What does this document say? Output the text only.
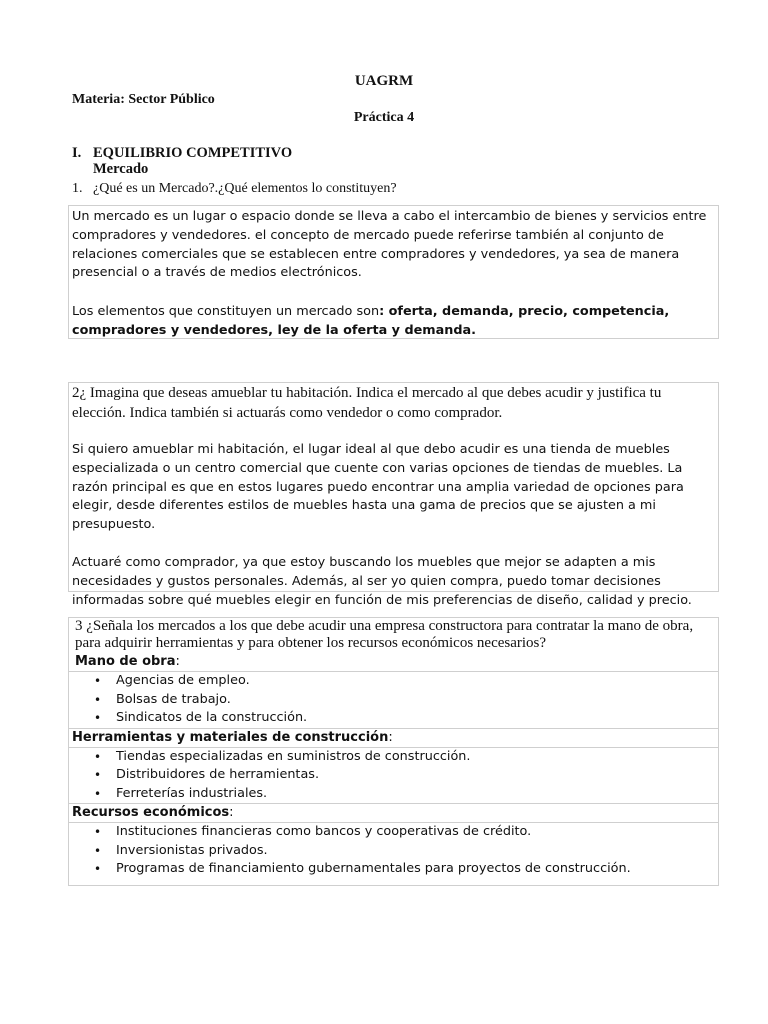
UAGRM
Materia: Sector Público
Práctica 4
I. EQUILIBRIO COMPETITIVO
Mercado
1. ¿Qué es un Mercado?.¿Qué elementos lo constituyen?

Un mercado es un lugar o espacio donde se lleva a cabo el intercambio de bienes y servicios entre compradores y vendedores. el concepto de mercado puede referirse también al conjunto de relaciones comerciales que se establecen entre compradores y vendedores, ya sea de manera presencial o a través de medios electrónicos.

Los elementos que constituyen un mercado son: oferta, demanda, precio, competencia, compradores y vendedores, ley de la oferta y demanda.

2¿ Imagina que deseas amueblar tu habitación. Indica el mercado al que debes acudir y justifica tu elección. Indica también si actuarás como vendedor o como comprador.

Si quiero amueblar mi habitación, el lugar ideal al que debo acudir es una tienda de muebles especializada o un centro comercial que cuente con varias opciones de tiendas de muebles. La razón principal es que en estos lugares puedo encontrar una amplia variedad de opciones para elegir, desde diferentes estilos de muebles hasta una gama de precios que se ajusten a mi presupuesto.

Actuaré como comprador, ya que estoy buscando los muebles que mejor se adapten a mis necesidades y gustos personales. Además, al ser yo quien compra, puedo tomar decisiones informadas sobre qué muebles elegir en función de mis preferencias de diseño, calidad y precio.

3 ¿Señala los mercados a los que debe acudir una empresa constructora para contratar la mano de obra, para adquirir herramientas y para obtener los recursos económicos necesarios?

Mano de obra:
• Agencias de empleo.
• Bolsas de trabajo.
• Sindicatos de la construcción.
Herramientas y materiales de construcción:
• Tiendas especializadas en suministros de construcción.
• Distribuidores de herramientas.
• Ferreterías industriales.
Recursos económicos:
• Instituciones financieras como bancos y cooperativas de crédito.
• Inversionistas privados.
• Programas de financiamiento gubernamentales para proyectos de construcción.
